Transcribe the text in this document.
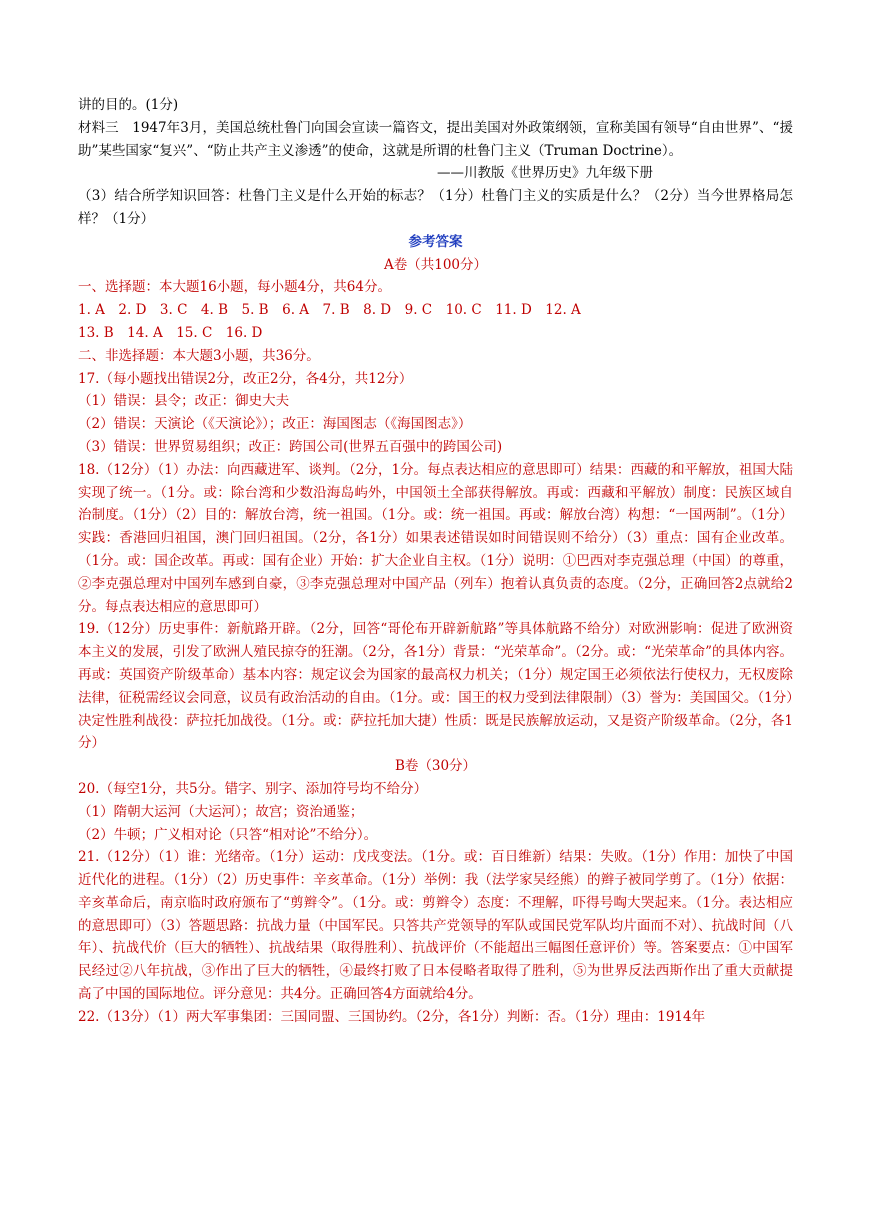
讲的目的。(1分)

材料三　1947年3月，美国总统杜鲁门向国会宣读一篇咨文，提出美国对外政策纲领，宣称美国有领导“自由世界”、“援助”某些国家“复兴”、“防止共产主义渗透”的使命，这就是所谓的杜鲁门主义（Truman Doctrine）。

——川教版《世界历史》九年级下册

（3）结合所学知识回答：杜鲁门主义是什么开始的标志？（1分）杜鲁门主义的实质是什么？（2分）当今世界格局怎样？（1分）

参考答案

A卷（共100分）

一、选择题：本大题16小题，每小题4分，共64分。

1. A　2. D　3. C　4. B　5. B　6. A　7. B　8. D　9. C　10. C　11. D　12. A

13. B　14. A　15. C　16. D

二、非选择题：本大题3小题，共36分。

17.（每小题找出错误2分，改正2分，各4分，共12分）

（1）错误：县令；改正：御史大夫

（2）错误：天演论（《天演论》）；改正：海国图志（《海国图志》）

（3）错误：世界贸易组织；改正：跨国公司(世界五百强中的跨国公司)

18.（12分）（1）办法：向西藏进军、谈判。（2分，1分。每点表达相应的意思即可）结果：西藏的和平解放，祖国大陆实现了统一。（1分。或：除台湾和少数沿海岛屿外，中国领土全部获得解放。再或：西藏和平解放）制度：民族区域自治制度。（1分）（2）目的：解放台湾，统一祖国。（1分。或：统一祖国。再或：解放台湾）构想：“一国两制”。（1分）实践：香港回归祖国，澳门回归祖国。（2分，各1分）如果表述错误如时间错误则不给分）（3）重点：国有企业改革。（1分。或：国企改革。再或：国有企业）开始：扩大企业自主权。（1分）说明：①巴西对李克强总理（中国）的尊重，②李克强总理对中国列车感到自豪，③李克强总理对中国产品（列车）抱着认真负责的态度。（2分，正确回答2点就给2分。每点表达相应的意思即可）

19.（12分）历史事件：新航路开辟。（2分，回答“哥伦布开辟新航路”等具体航路不给分）对欧洲影响：促进了欧洲资本主义的发展，引发了欧洲人殖民掠夺的狂潮。（2分，各1分）背景：“光荣革命”。（2分。或：“光荣革命”的具体内容。再或：英国资产阶级革命）基本内容：规定议会为国家的最高权力机关；（1分）规定国王必须依法行使权力，无权废除法律，征税需经议会同意，议员有政治活动的自由。（1分。或：国王的权力受到法律限制）（3）誉为：美国国父。（1分）决定性胜利战役：萨拉托加战役。（1分。或：萨拉托加大捷）性质：既是民族解放运动，又是资产阶级革命。（2分，各1分）

B卷（30分）

20.（每空1分，共5分。错字、别字、添加符号均不给分）

（1）隋朝大运河（大运河）；故宫；资治通鉴；

（2）牛顿；广义相对论（只答“相对论”不给分）。

21.（12分）（1）谁：光绪帝。（1分）运动：戊戌变法。（1分。或：百日维新）结果：失败。（1分）作用：加快了中国近代化的进程。（1分）（2）历史事件：辛亥革命。（1分）举例：我（法学家吴经熊）的辫子被同学剪了。（1分）依据：辛亥革命后，南京临时政府颁布了“剪辫令”。（1分。或：剪辫令）态度：不理解，吓得号啕大哭起来。（1分。表达相应的意思即可）（3）答题思路：抗战力量（中国军民。只答共产党领导的军队或国民党军队均片面而不对）、抗战时间（八年）、抗战代价（巨大的牺牲）、抗战结果（取得胜利）、抗战评价（不能超出三幅图任意评价）等。答案要点：①中国军民经过②八年抗战，③作出了巨大的牺牲，④最终打败了日本侵略者取得了胜利，⑤为世界反法西斯作出了重大贡献提高了中国的国际地位。评分意见：共4分。正确回答4方面就给4分。

22.（13分）（1）两大军事集团：三国同盟、三国协约。（2分，各1分）判断：否。（1分）理由：1914年
